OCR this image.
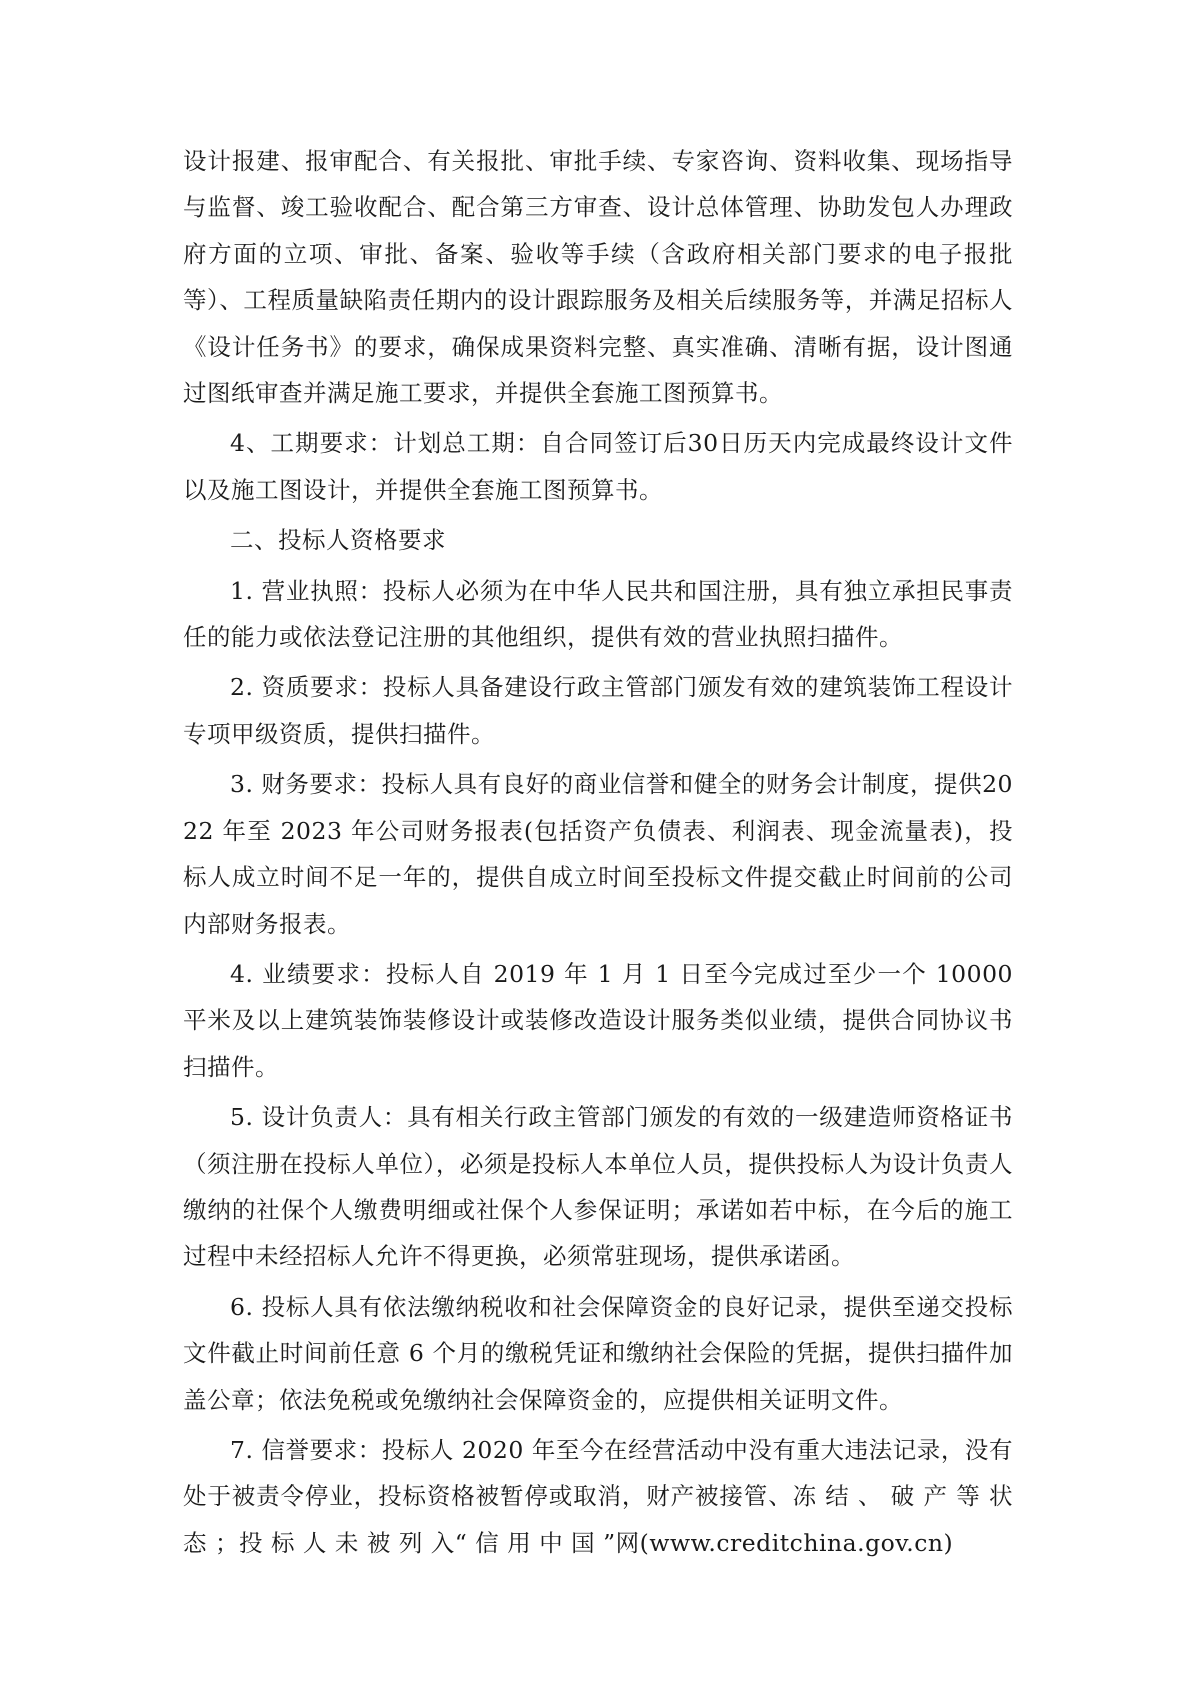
设计报建、报审配合、有关报批、审批手续、专家咨询、资料收集、现场指导与监督、竣工验收配合、配合第三方审查、设计总体管理、协助发包人办理政府方面的立项、审批、备案、验收等手续（含政府相关部门要求的电子报批等）、工程质量缺陷责任期内的设计跟踪服务及相关后续服务等，并满足招标人《设计任务书》的要求，确保成果资料完整、真实准确、清晰有据，设计图通过图纸审查并满足施工要求，并提供全套施工图预算书。

4、工期要求：计划总工期：自合同签订后30日历天内完成最终设计文件以及施工图设计，并提供全套施工图预算书。

二、投标人资格要求

1. 营业执照：投标人必须为在中华人民共和国注册，具有独立承担民事责任的能力或依法登记注册的其他组织，提供有效的营业执照扫描件。

2. 资质要求：投标人具备建设行政主管部门颁发有效的建筑装饰工程设计专项甲级资质，提供扫描件。

3. 财务要求：投标人具有良好的商业信誉和健全的财务会计制度，提供2022 年至 2023 年公司财务报表(包括资产负债表、利润表、现金流量表)，投标人成立时间不足一年的，提供自成立时间至投标文件提交截止时间前的公司内部财务报表。

4. 业绩要求：投标人自 2019 年 1 月 1 日至今完成过至少一个 10000 平米及以上建筑装饰装修设计或装修改造设计服务类似业绩，提供合同协议书扫描件。

5. 设计负责人：具有相关行政主管部门颁发的有效的一级建造师资格证书（须注册在投标人单位），必须是投标人本单位人员，提供投标人为设计负责人缴纳的社保个人缴费明细或社保个人参保证明；承诺如若中标，在今后的施工过程中未经招标人允许不得更换，必须常驻现场，提供承诺函。

6. 投标人具有依法缴纳税收和社会保障资金的良好记录，提供至递交投标文件截止时间前任意 6 个月的缴税凭证和缴纳社会保险的凭据，提供扫描件加盖公章；依法免税或免缴纳社会保障资金的，应提供相关证明文件。

7. 信誉要求：投标人 2020 年至今在经营活动中没有重大违法记录，没有处于被责令停业，投标资格被暂停或取消，财产被接管、冻 结 、 破 产 等 状 态 ；投 标 人 未 被 列 入“ 信 用 中 国 ”网(www.creditchina.gov.cn)
